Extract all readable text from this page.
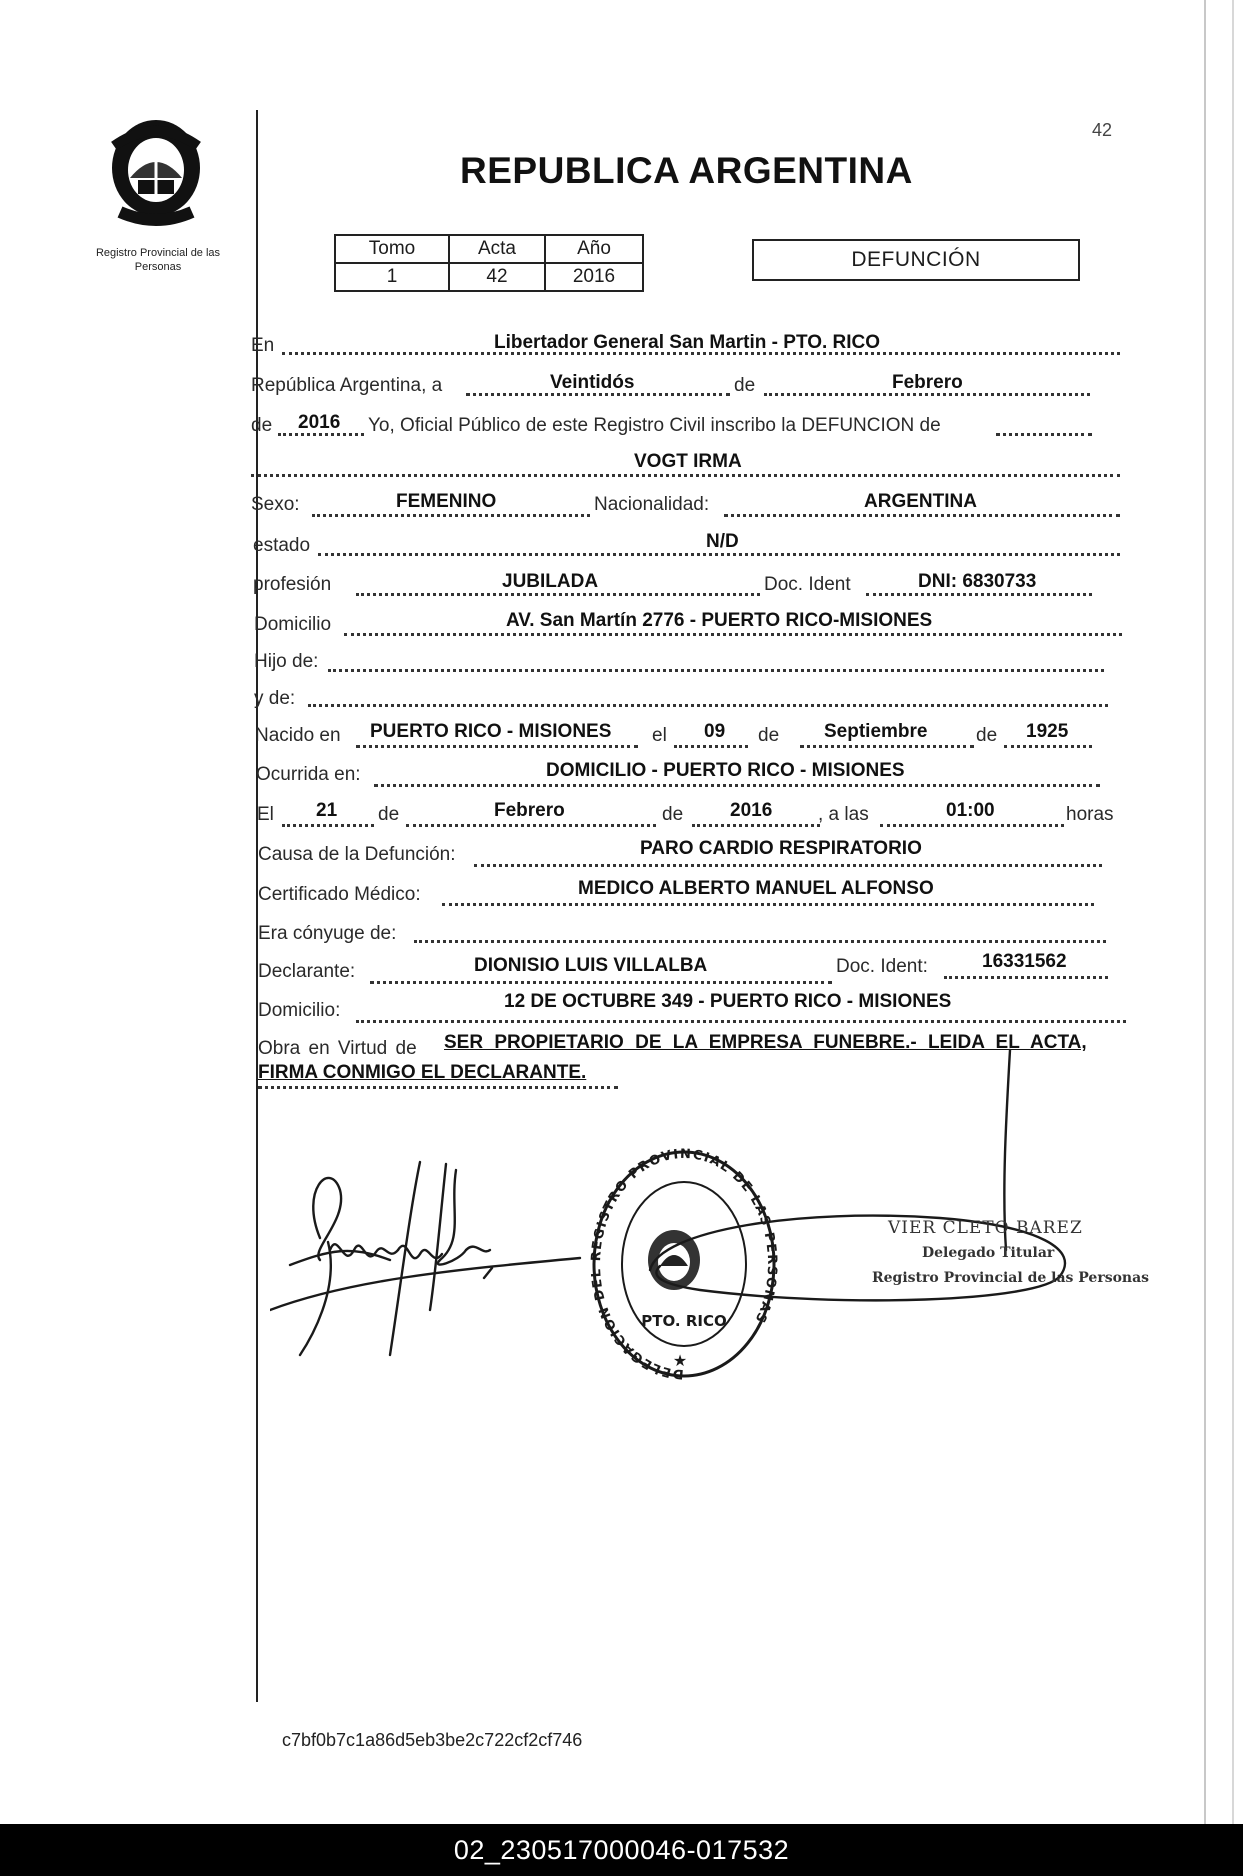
Registro Provincial de las Personas
42
REPUBLICA ARGENTINA
Tomo	Acta	Año
1	42	2016
DEFUNCIÓN
En	Libertador General San Martin - PTO. RICO
República Argentina, a	Veintidós	de	Febrero
de 2016 Yo, Oficial Público de este Registro Civil inscribo la DEFUNCION de
VOGT IRMA
Sexo:	FEMENINO	Nacionalidad:	ARGENTINA
estado	N/D
profesión	JUBILADA	Doc. Ident	DNI: 6830733
Domicilio	AV. San Martín 2776 - PUERTO RICO-MISIONES
Hijo de:
y de:
Nacido en PUERTO RICO - MISIONES el 09 de Septiembre	de 1925
Ocurrida en:	DOMICILIO - PUERTO RICO - MISIONES
El 21 de	Febrero	de 2016 , a las	01:00	horas
Causa de la Defunción:	PARO CARDIO RESPIRATORIO
Certificado Médico:	MEDICO ALBERTO MANUEL ALFONSO
Era cónyuge de:
Declarante:	DIONISIO LUIS VILLALBA	Doc. Ident:	16331562
Domicilio:	12 DE OCTUBRE 349 - PUERTO RICO - MISIONES
Obra en Virtud de SER PROPIETARIO DE LA EMPRESA FUNEBRE.- LEIDA EL ACTA,
FIRMA CONMIGO EL DECLARANTE.
DELEGACION DEL REGISTRO PROVINCIAL DE LAS PERSONAS
PTO. RICO
★
VIER CLETO BAREZ
Delegado Titular
Registro Provincial de las Personas
c7bf0b7c1a86d5eb3be2c722cf2cf746
02_230517000046-017532
